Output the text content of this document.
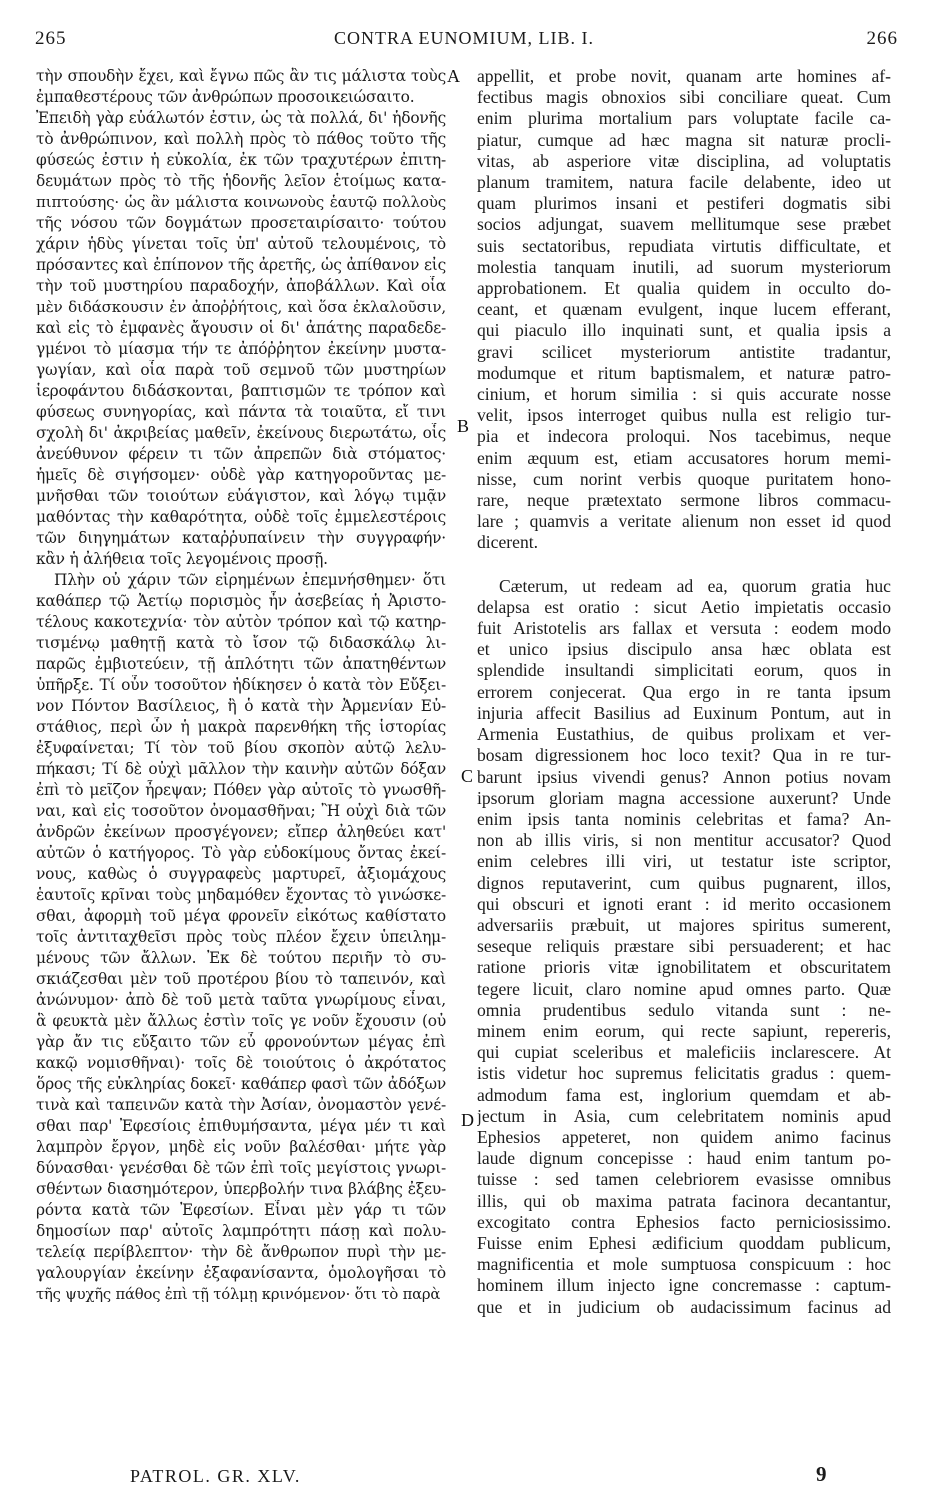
265	CONTRA EUNOMIUM, LIB. I.	266
τὴν σπουδὴν ἔχει, καὶ ἔγνω πῶς ἂν τις μάλιστα τοὺς
ἐμπαθεστέρους τῶν ἀνθρώπων προσοικειώσαιτο.
Ἐπειδὴ γὰρ εὐάλωτόν ἐστιν, ὡς τὰ πολλά, δι' ἡδονῆς
τὸ ἀνθρώπινον, καὶ πολλὴ πρὸς τὸ πάθος τοῦτο τῆς
φύσεώς ἐστιν ἡ εὐκολία, ἐκ τῶν τραχυτέρων ἐπιτη-
δευμάτων πρὸς τὸ τῆς ἡδονῆς λεῖον ἑτοίμως κατα-
πιπτούσης· ὡς ἂν μάλιστα κοινωνοὺς ἑαυτῷ πολλοὺς
τῆς νόσου τῶν δογμάτων προσεταιρίσαιτο· τούτου
χάριν ἡδὺς γίνεται τοῖς ὑπ' αὐτοῦ τελουμένοις, τὸ
πρόσαντες καὶ ἐπίπονον τῆς ἀρετῆς, ὡς ἀπίθανον εἰς
τὴν τοῦ μυστηρίου παραδοχήν, ἀποβάλλων. Καὶ οἷα
μὲν διδάσκουσιν ἐν ἀποῤῥήτοις, καὶ ὅσα ἐκλαλοῦσιν,
καὶ εἰς τὸ ἐμφανὲς ἄγουσιν οἱ δι' ἀπάτης παραδεδε-
γμένοι τὸ μίασμα τήν τε ἀπόῤῥητον ἐκείνην μυστα-
γωγίαν, καὶ οἷα παρὰ τοῦ σεμνοῦ τῶν μυστηρίων
ἱεροφάντου διδάσκονται, βαπτισμῶν τε τρόπον καὶ
φύσεως συνηγορίας, καὶ πάντα τὰ τοιαῦτα, εἴ τινι
σχολὴ δι' ἀκριβείας μαθεῖν, ἐκείνους διερωτάτω, οἷς
ἀνεύθυνον φέρειν τι τῶν ἀπρεπῶν διὰ στόματος·
ἡμεῖς δὲ σιγήσομεν· οὐδὲ γὰρ κατηγοροῦντας με-
μνῆσθαι τῶν τοιούτων εὐάγιστον, καὶ λόγῳ τιμᾷν
μαθόντας τὴν καθαρότητα, οὐδὲ τοῖς ἐμμελεστέροις
τῶν διηγημάτων καταῤῥυπαίνειν τὴν συγγραφήν·
κἂν ἡ ἀλήθεια τοῖς λεγομένοις προσῇ.
Πλὴν οὐ χάριν τῶν εἰρημένων ἐπεμνήσθημεν· ὅτι
καθάπερ τῷ Ἀετίῳ πορισμὸς ἦν ἀσεβείας ἡ Ἀριστο-
τέλους κακοτεχνία· τὸν αὐτὸν τρόπον καὶ τῷ κατηρ-
τισμένῳ μαθητῇ κατὰ τὸ ἴσον τῷ διδασκάλῳ λι-
παρῶς ἐμβιοτεύειν, τῇ ἁπλότητι τῶν ἀπατηθέντων
ὑπῆρξε. Τί οὖν τοσοῦτον ἠδίκησεν ὁ κατὰ τὸν Εὔξει-
νον Πόντον Βασίλειος, ἢ ὁ κατὰ τὴν Ἀρμενίαν Εὐ-
στάθιος, περὶ ὧν ἡ μακρὰ παρενθήκη τῆς ἱστορίας
ἐξυφαίνεται; Τί τὸν τοῦ βίου σκοπὸν αὐτῷ λελυ-
πήκασι; Τί δὲ οὐχὶ μᾶλλον τὴν καινὴν αὐτῶν δόξαν
ἐπὶ τὸ μεῖζον ἦρεψαν; Πόθεν γὰρ αὐτοῖς τὸ γνωσθῆ-
ναι, καὶ εἰς τοσοῦτον ὀνομασθῆναι; Ἢ οὐχὶ διὰ τῶν
ἀνδρῶν ἐκείνων προσγέγονεν; εἴπερ ἀληθεύει κατ'
αὐτῶν ὁ κατήγορος. Τὸ γὰρ εὐδοκίμους ὄντας ἐκεί-
νους, καθὼς ὁ συγγραφεὺς μαρτυρεῖ, ἀξιομάχους
ἑαυτοῖς κρῖναι τοὺς μηδαμόθεν ἔχοντας τὸ γινώσκε-
σθαι, ἀφορμὴ τοῦ μέγα φρονεῖν εἰκότως καθίστατο
τοῖς ἀντιταχθεῖσι πρὸς τοὺς πλέον ἔχειν ὑπειλημ-
μένους τῶν ἄλλων. Ἐκ δὲ τούτου περιῆν τὸ συ-
σκιάζεσθαι μὲν τοῦ προτέρου βίου τὸ ταπεινόν, καὶ
ἀνώνυμον· ἀπὸ δὲ τοῦ μετὰ ταῦτα γνωρίμους εἶναι,
ἃ φευκτὰ μὲν ἄλλως ἐστὶν τοῖς γε νοῦν ἔχουσιν (οὐ
γὰρ ἄν τις εὔξαιτο τῶν εὖ φρονούντων μέγας ἐπὶ
κακῷ νομισθῆναι)· τοῖς δὲ τοιούτοις ὁ ἀκρότατος
ὅρος τῆς εὐκληρίας δοκεῖ· καθάπερ φασὶ τῶν ἀδόξων
τινὰ καὶ ταπεινῶν κατὰ τὴν Ἀσίαν, ὀνομαστὸν γενέ-
σθαι παρ' Ἐφεσίοις ἐπιθυμήσαντα, μέγα μέν τι καὶ
λαμπρὸν ἔργον, μηδὲ εἰς νοῦν βαλέσθαι· μήτε γὰρ
δύνασθαι· γενέσθαι δὲ τῶν ἐπὶ τοῖς μεγίστοις γνωρι-
σθέντων διασημότερον, ὑπερβολήν τινα βλάβης ἐξευ-
ρόντα κατὰ τῶν Ἐφεσίων. Εἶναι μὲν γάρ τι τῶν
δημοσίων παρ' αὐτοῖς λαμπρότητι πάσῃ καὶ πολυ-
τελείᾳ περίβλεπτον· τὴν δὲ ἄνθρωπον πυρὶ τὴν με-
γαλουργίαν ἐκείνην ἐξαφανίσαντα, ὁμολογῆσαι τὸ
τῆς ψυχῆς πάθος ἐπὶ τῇ τόλμῃ κρινόμενον· ὅτι τὸ παρὰ
appellit, et probe novit, quanam arte homines af-
fectibus magis obnoxios sibi conciliare queat. Cum
enim plurima mortalium pars voluptate facile ca-
piatur, cumque ad hæc magna sit naturæ procli-
vitas, ab asperiore vitæ disciplina, ad voluptatis
planum tramitem, natura facile delabente, ideo ut
quam plurimos insani et pestiferi dogmatis sibi
socios adjungat, suavem mellitumque sese præbet
suis sectatoribus, repudiata virtutis difficultate, et
molestia tanquam inutili, ad suorum mysteriorum
approbationem. Et qualia quidem in occulto do-
ceant, et quænam evulgent, inque lucem efferant,
qui piaculo illo inquinati sunt, et qualia ipsis a
gravi scilicet mysteriorum antistite tradantur,
modumque et ritum baptismalem, et naturæ patro-
cinium, et horum similia : si quis accurate nosse
velit, ipsos interroget quibus nulla est religio tur-
pia et indecora proloqui. Nos tacebimus, neque
enim æquum est, etiam accusatores horum memi-
nisse, cum norint verbis quoque puritatem hono-
rare, neque prætextato sermone libros commacu-
lare ; quamvis a veritate alienum non esset id quod
dicerent.
Cæterum, ut redeam ad ea, quorum gratia huc
delapsa est oratio : sicut Aetio impietatis occasio
fuit Aristotelis ars fallax et versuta : eodem modo
et unico ipsius discipulo ansa hæc oblata est
splendide insultandi simplicitati eorum, quos in
errorem conjecerat. Qua ergo in re tanta ipsum
injuria affecit Basilius ad Euxinum Pontum, aut in
Armenia Eustathius, de quibus prolixam et ver-
bosam digressionem hoc loco texit? Qua in re tur-
barunt ipsius vivendi genus? Annon potius novam
ipsorum gloriam magna accessione auxerunt? Unde
enim ipsis tanta nominis celebritas et fama? An-
non ab illis viris, si non mentitur accusator? Quod
enim celebres illi viri, ut testatur iste scriptor,
dignos reputaverint, cum quibus pugnarent, illos,
qui obscuri et ignoti erant : id merito occasionem
adversariis præbuit, ut majores spiritus sumerent,
seseque reliquis præstare sibi persuaderent; et hac
ratione prioris vitæ ignobilitatem et obscuritatem
tegere licuit, claro nomine apud omnes parto. Quæ
omnia prudentibus sedulo vitanda sunt : ne-
minem enim eorum, qui recte sapiunt, repereris,
qui cupiat sceleribus et maleficiis inclarescere. At
istis videtur hoc supremus felicitatis gradus : quem-
admodum fama est, inglorium quemdam et ab-
jectum in Asia, cum celebritatem nominis apud
Ephesios appeteret, non quidem animo facinus
laude dignum concepisse : haud enim tantum po-
tuisse : sed tamen celebriorem evasisse omnibus
illis, qui ob maxima patrata facinora decantantur,
excogitato contra Ephesios facto perniciosissimo.
Fuisse enim Ephesi ædificium quoddam publicum,
magnificentia et mole sumptuosa conspicuum : hoc
hominem illum injecto igne concremasse : captum-
que et in judicium ob audacissimum facinus ad
A
B
C
D
PATROL. GR. XLV.	9
